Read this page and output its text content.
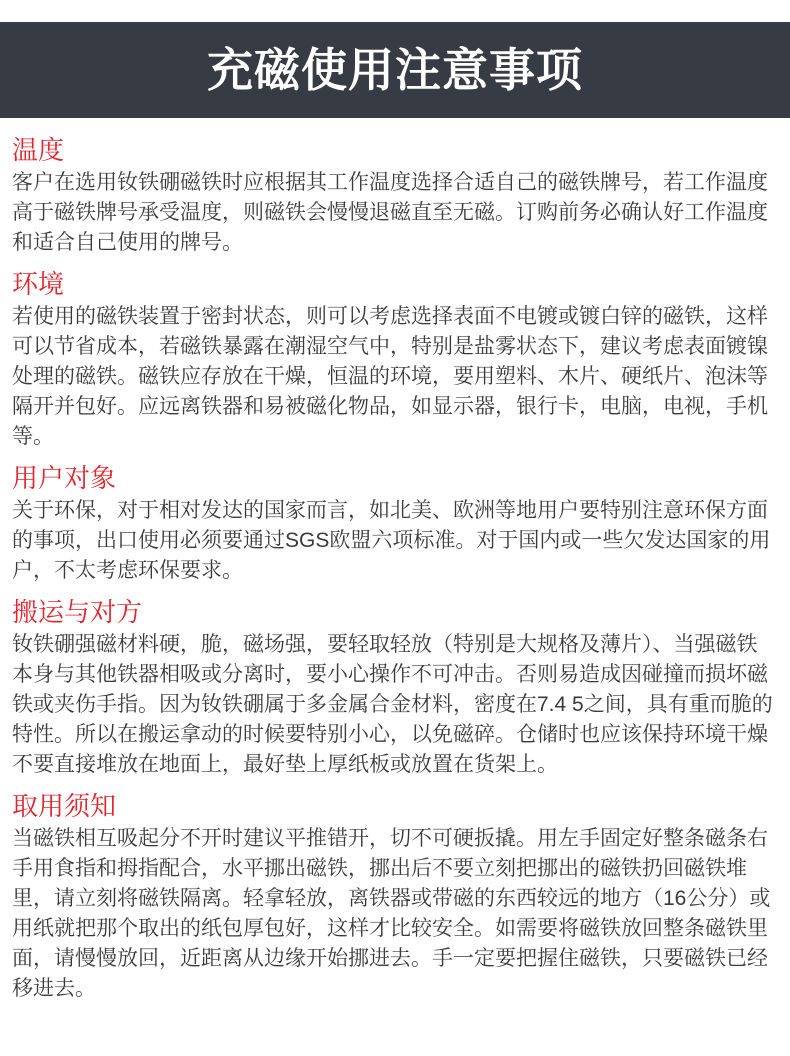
充磁使用注意事项
温度

客户在选用钕铁硼磁铁时应根据其工作温度选择合适自己的磁铁牌号，若工作温度高于磁铁牌号承受温度，则磁铁会慢慢退磁直至无磁。订购前务必确认好工作温度和适合自己使用的牌号。

环境

若使用的磁铁装置于密封状态，则可以考虑选择表面不电镀或镀白锌的磁铁，这样可以节省成本，若磁铁暴露在潮湿空气中，特别是盐雾状态下，建议考虑表面镀镍处理的磁铁。磁铁应存放在干燥，恒温的环境，要用塑料、木片、硬纸片、泡沫等隔开并包好。应远离铁器和易被磁化物品，如显示器，银行卡，电脑，电视，手机等。

用户对象

关于环保，对于相对发达的国家而言，如北美、欧洲等地用户要特别注意环保方面的事项，出口使用必须要通过SGS欧盟六项标准。对于国内或一些欠发达国家的用户，不太考虑环保要求。

搬运与对方

钕铁硼强磁材料硬，脆，磁场强，要轻取轻放（特别是大规格及薄片）、当强磁铁本身与其他铁器相吸或分离时，要小心操作不可冲击。否则易造成因碰撞而损坏磁铁或夹伤手指。因为钕铁硼属于多金属合金材料，密度在7.4 5之间，具有重而脆的特性。所以在搬运拿动的时候要特别小心，以免磁碎。仓储时也应该保持环境干燥不要直接堆放在地面上，最好垫上厚纸板或放置在货架上。

取用须知

当磁铁相互吸起分不开时建议平推错开，切不可硬扳撬。用左手固定好整条磁条右手用食指和拇指配合，水平挪出磁铁，挪出后不要立刻把挪出的磁铁扔回磁铁堆里，请立刻将磁铁隔离。轻拿轻放，离铁器或带磁的东西较远的地方（16公分）或用纸就把那个取出的纸包厚包好，这样才比较安全。如需要将磁铁放回整条磁铁里面，请慢慢放回，近距离从边缘开始挪进去。手一定要把握住磁铁，只要磁铁已经移进去。
